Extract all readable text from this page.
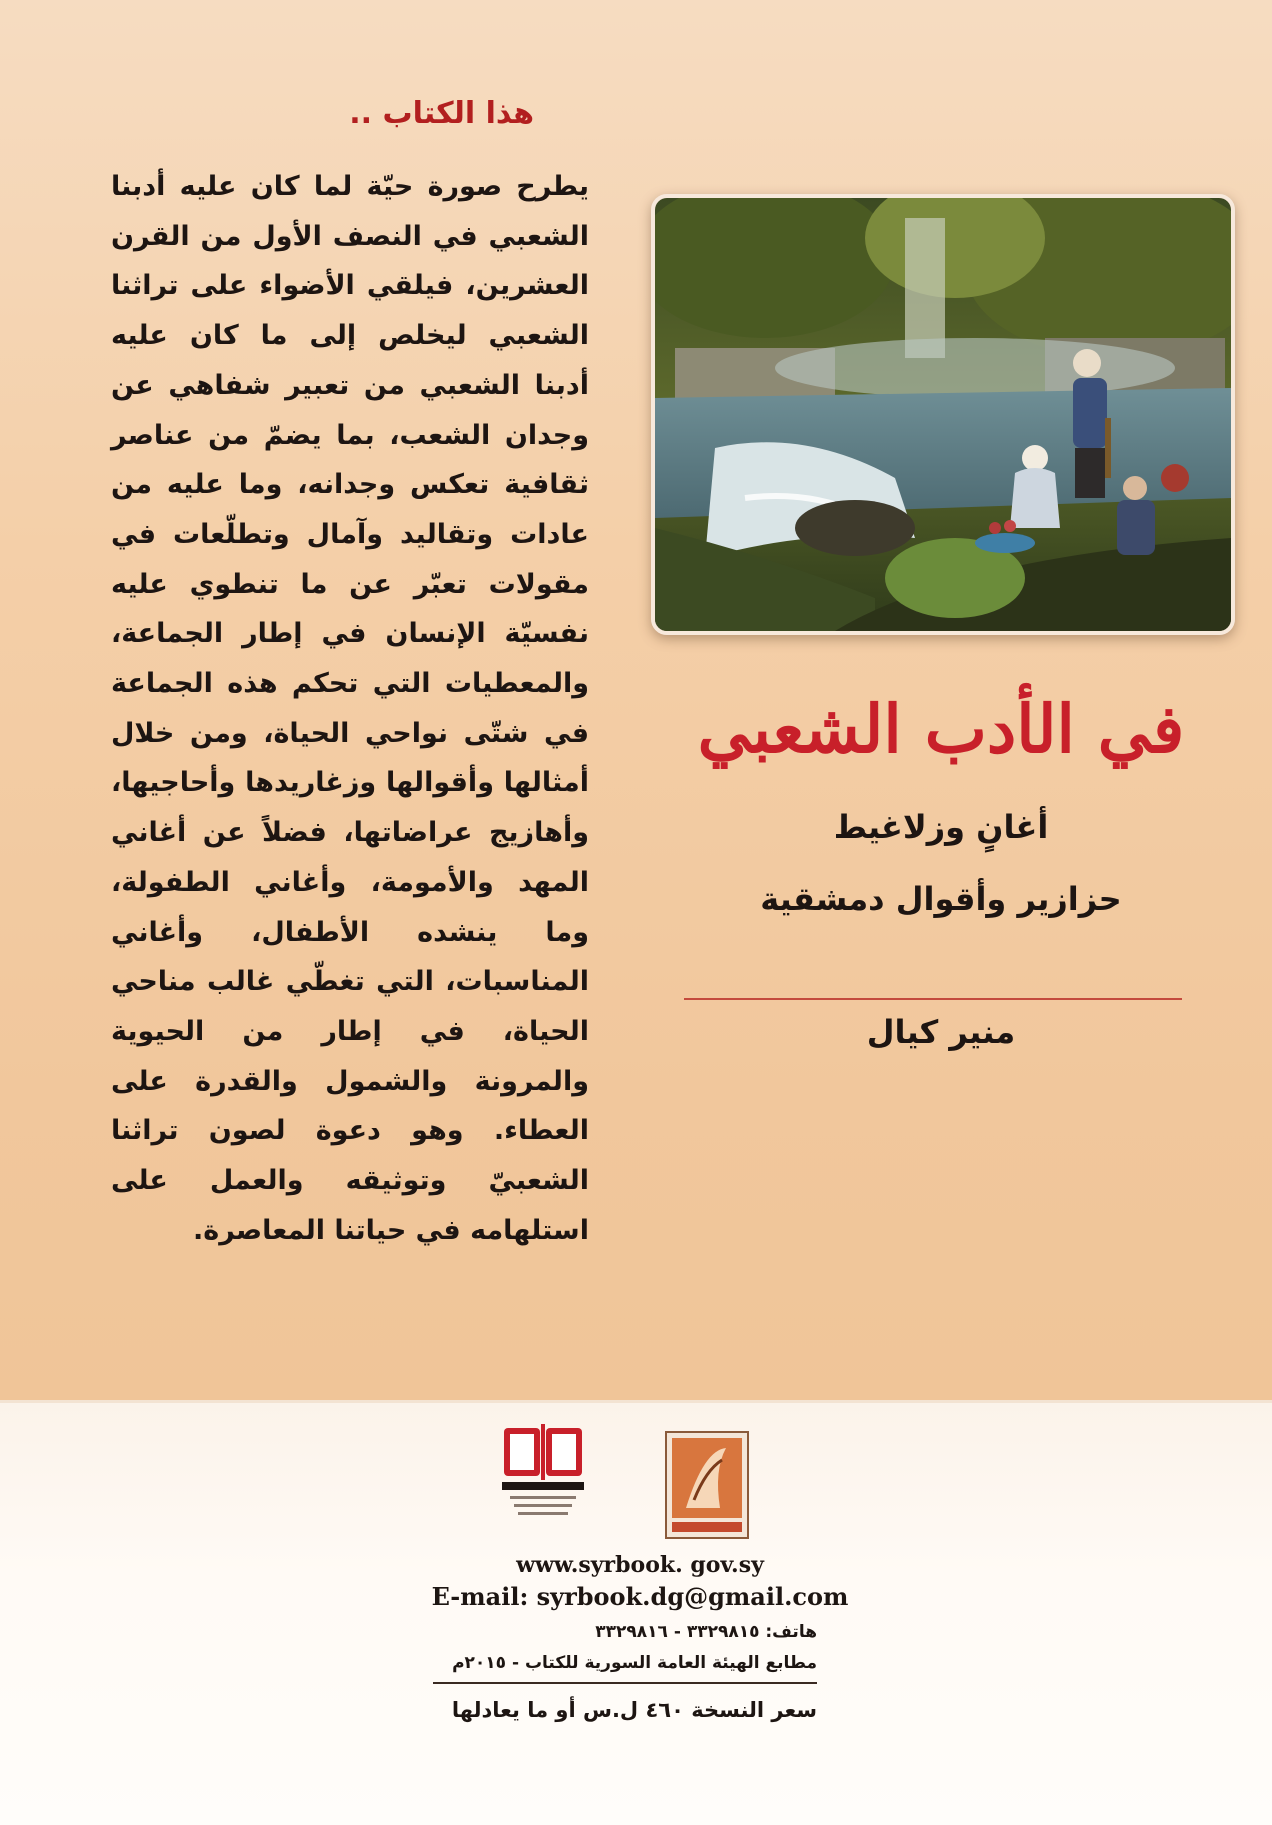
هذا الكتاب ..
يطرح صورة حيّة لما كان عليه أدبنا الشعبي في النصف الأول من القرن العشرين، فيلقي الأضواء على تراثنا الشعبي ليخلص إلى ما كان عليه أدبنا الشعبي من تعبير شفاهي عن وجدان الشعب، بما يضمّ من عناصر ثقافية تعكس وجدانه، وما عليه من عادات وتقاليد وآمال وتطلّعات في مقولات تعبّر عن ما تنطوي عليه نفسيّة الإنسان في إطار الجماعة، والمعطيات التي تحكم هذه الجماعة في شتّى نواحي الحياة، ومن خلال أمثالها وأقوالها وزغاريدها وأحاجيها، وأهازيج عراضاتها، فضلاً عن أغاني المهد والأمومة، وأغاني الطفولة، وما ينشده الأطفال، وأغاني المناسبات، التي تغطّي غالب مناحي الحياة، في إطار من الحيوية والمرونة والشمول والقدرة على العطاء. وهو دعوة لصون تراثنا الشعبيّ وتوثيقه والعمل على استلهامه في حياتنا المعاصرة.
في الأدب الشعبي
أغانٍ وزلاغيط
حزازير وأقوال دمشقية
منير كيال
www.syrbook. gov.sy
E-mail: syrbook.dg@gmail.com
هاتف: ٣٣٢٩٨١٥ - ٣٣٢٩٨١٦
مطابع الهيئة العامة السورية للكتاب - ٢٠١٥م
سعر النسخة ٤٦٠ ل.س أو ما يعادلها
